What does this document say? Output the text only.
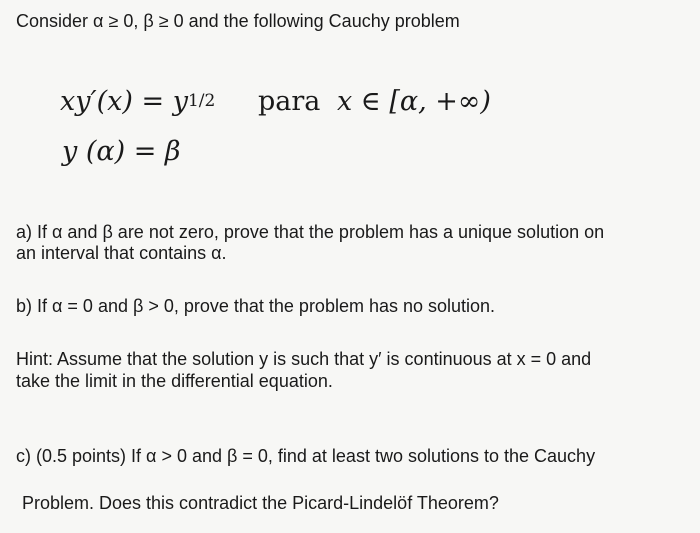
Consider α ≥ 0, β ≥ 0 and the following Cauchy problem
$xy'(x) = y^{1/2}$ para x ∈ [α, +∞)
y (α) = β
a) If α and β are not zero, prove that the problem has a unique solution on
an interval that contains α.
b) If α = 0 and β > 0, prove that the problem has no solution.
Hint: Assume that the solution y is such that y′ is continuous at x = 0 and
take the limit in the differential equation.
c) (0.5 points) If α > 0 and β = 0, find at least two solutions to the Cauchy
Problem. Does this contradict the Picard-Lindelöf Theorem?
